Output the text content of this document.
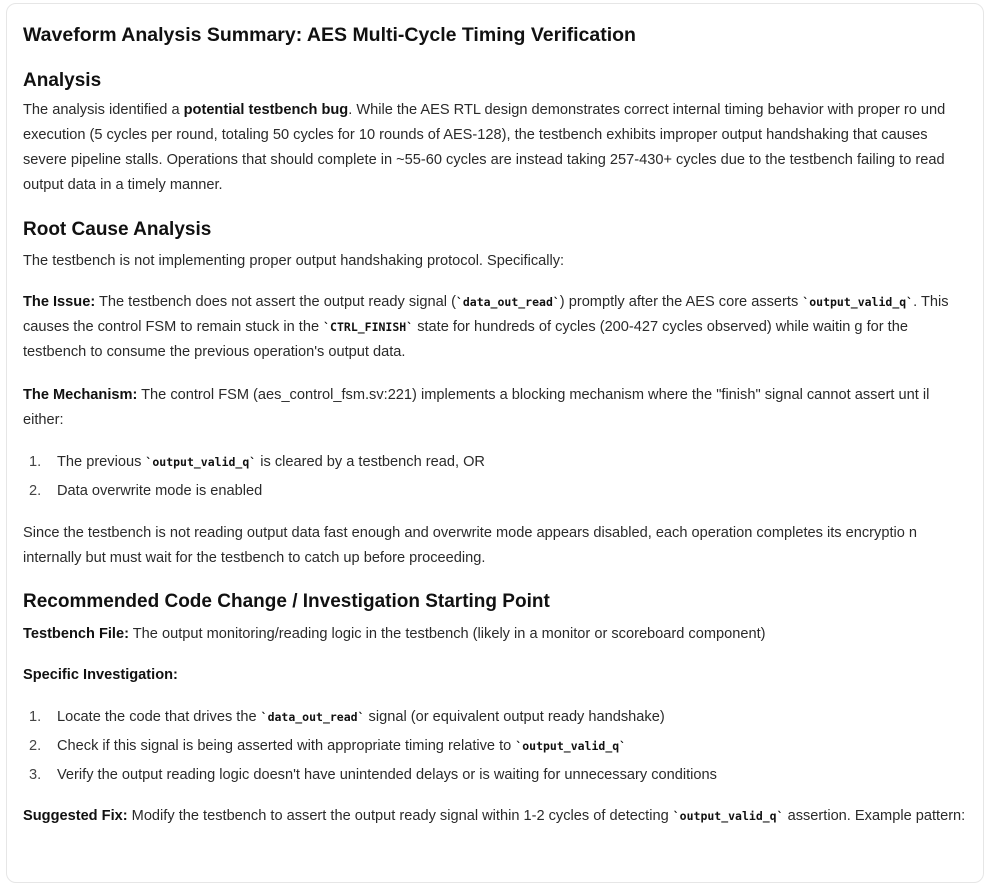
Waveform Analysis Summary: AES Multi-Cycle Timing Verification
Analysis

The analysis identified a potential testbench bug. While the AES RTL design demonstrates correct internal timing behavior with proper ro und execution (5 cycles per round, totaling 50 cycles for 10 rounds of AES-128), the testbench exhibits improper output handshaking that causes severe pipeline stalls. Operations that should complete in ~55-60 cycles are instead taking 257-430+ cycles due to the testbench failing to read output data in a timely manner.

Root Cause Analysis

The testbench is not implementing proper output handshaking protocol. Specifically:

The Issue: The testbench does not assert the output ready signal (`data_out_read`) promptly after the AES core asserts `output_valid_q`. This causes the control FSM to remain stuck in the `CTRL_FINISH` state for hundreds of cycles (200-427 cycles observed) while waitin g for the testbench to consume the previous operation's output data.

The Mechanism: The control FSM (aes_control_fsm.sv:221) implements a blocking mechanism where the "finish" signal cannot assert unt il either:

1. The previous `output_valid_q` is cleared by a testbench read, OR
2. Data overwrite mode is enabled

Since the testbench is not reading output data fast enough and overwrite mode appears disabled, each operation completes its encryptio n internally but must wait for the testbench to catch up before proceeding.

Recommended Code Change / Investigation Starting Point

Testbench File: The output monitoring/reading logic in the testbench (likely in a monitor or scoreboard component)

Specific Investigation:
1. Locate the code that drives the `data_out_read` signal (or equivalent output ready handshake)
2. Check if this signal is being asserted with appropriate timing relative to `output_valid_q`
3. Verify the output reading logic doesn't have unintended delays or is waiting for unnecessary conditions

Suggested Fix: Modify the testbench to assert the output ready signal within 1-2 cycles of detecting `output_valid_q` assertion. Example pattern:
